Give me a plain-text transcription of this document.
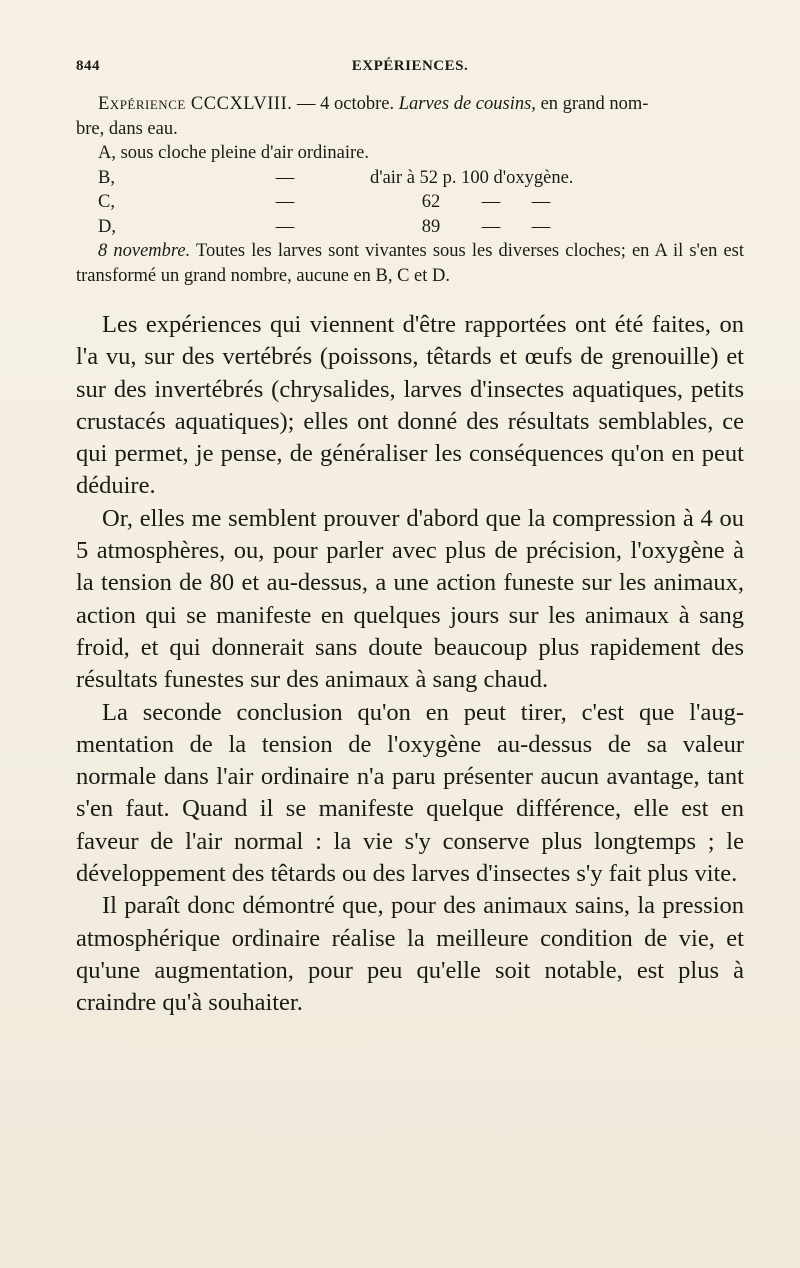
844	EXPÉRIENCES.

Expérience CCCXLVIII. — 4 octobre. Larves de cousins, en grand nom-

bre, dans eau.

A, sous cloche pleine d'air ordinaire.
B,	—	d'air à 52 p. 100 d'oxygène.
C,	—	62	—	—
D,	—	89	—	—

8 novembre. Toutes les larves sont vivantes sous les diverses cloches; en A il s'en est transformé un grand nombre, aucune en B, C et D.

Les expériences qui viennent d'être rapportées ont été faites, on l'a vu, sur des vertébrés (poissons, têtards et œufs de grenouille) et sur des invertébrés (chrysalides, larves d'insectes aquatiques, petits crustacés aquatiques); elles ont donné des résultats semblables, ce qui permet, je pense, de généraliser les conséquences qu'on en peut déduire.

Or, elles me semblent prouver d'abord que la compression à 4 ou 5 atmosphères, ou, pour parler avec plus de précision, l'oxygène à la tension de 80 et au-dessus, a une action funeste sur les animaux, action qui se manifeste en quelques jours sur les animaux à sang froid, et qui donnerait sans doute beaucoup plus rapidement des résultats funestes sur des animaux à sang chaud.

La seconde conclusion qu'on en peut tirer, c'est que l'augmentation de la tension de l'oxygène au-dessus de sa valeur normale dans l'air ordinaire n'a paru présenter aucun avantage, tant s'en faut. Quand il se manifeste quelque différence, elle est en faveur de l'air normal : la vie s'y conserve plus longtemps ; le développement des têtards ou des larves d'insectes s'y fait plus vite.

Il paraît donc démontré que, pour des animaux sains, la pression atmosphérique ordinaire réalise la meilleure condition de vie, et qu'une augmentation, pour peu qu'elle soit notable, est plus à craindre qu'à souhaiter.
